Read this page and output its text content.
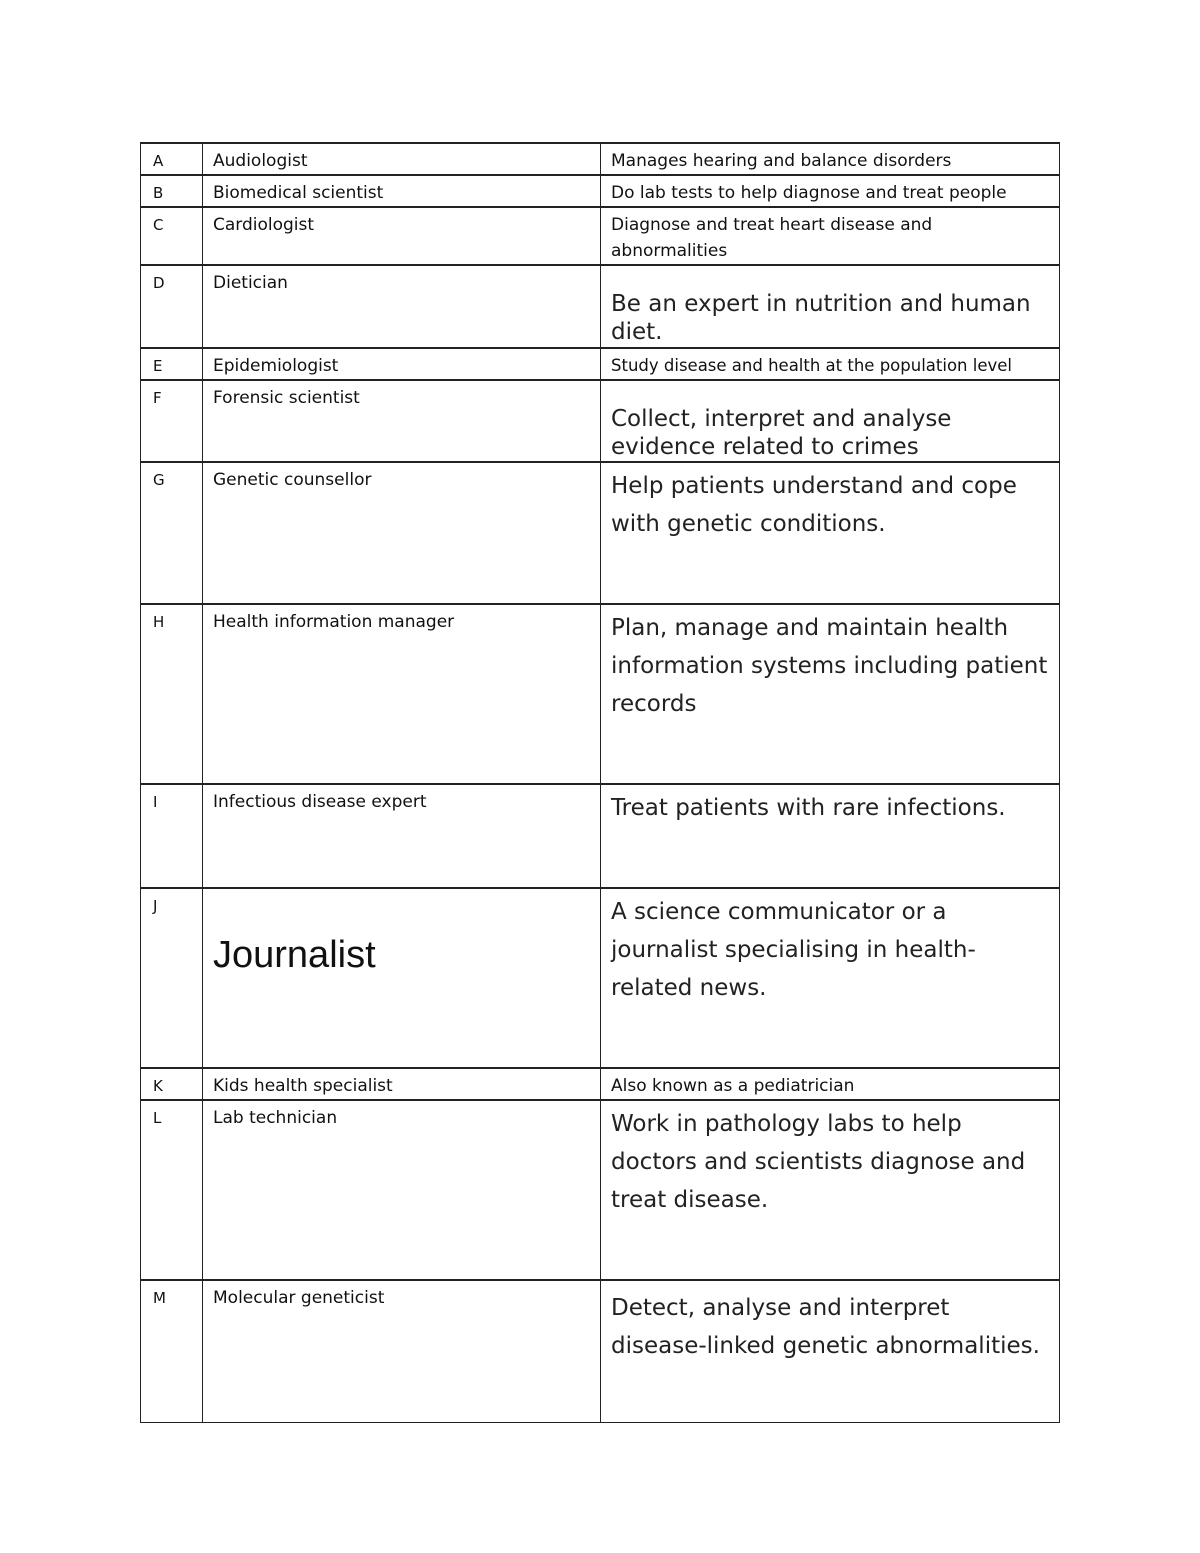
A	Audiologist	Manages hearing and balance disorders
B	Biomedical scientist	Do lab tests to help diagnose and treat people
C	Cardiologist	Diagnose and treat heart disease and abnormalities
D	Dietician	Be an expert in nutrition and human diet.

E	Epidemiologist	Study disease and health at the population level
F	Forensic scientist	Collect, interpret and analyse evidence related to crimes

G	Genetic counsellor	Help patients understand and cope with genetic conditions.
H	Health information manager	Plan, manage and maintain health information systems including patient records
I	Infectious disease expert	Treat patients with rare infections.
J	Journalist	A science communicator or a journalist specialising in health-related news.
K	Kids health specialist	Also known as a pediatrician
L	Lab technician	Work in pathology labs to help doctors and scientists diagnose and treat disease.
M	Molecular geneticist	Detect, analyse and interpret disease-linked genetic abnormalities.
